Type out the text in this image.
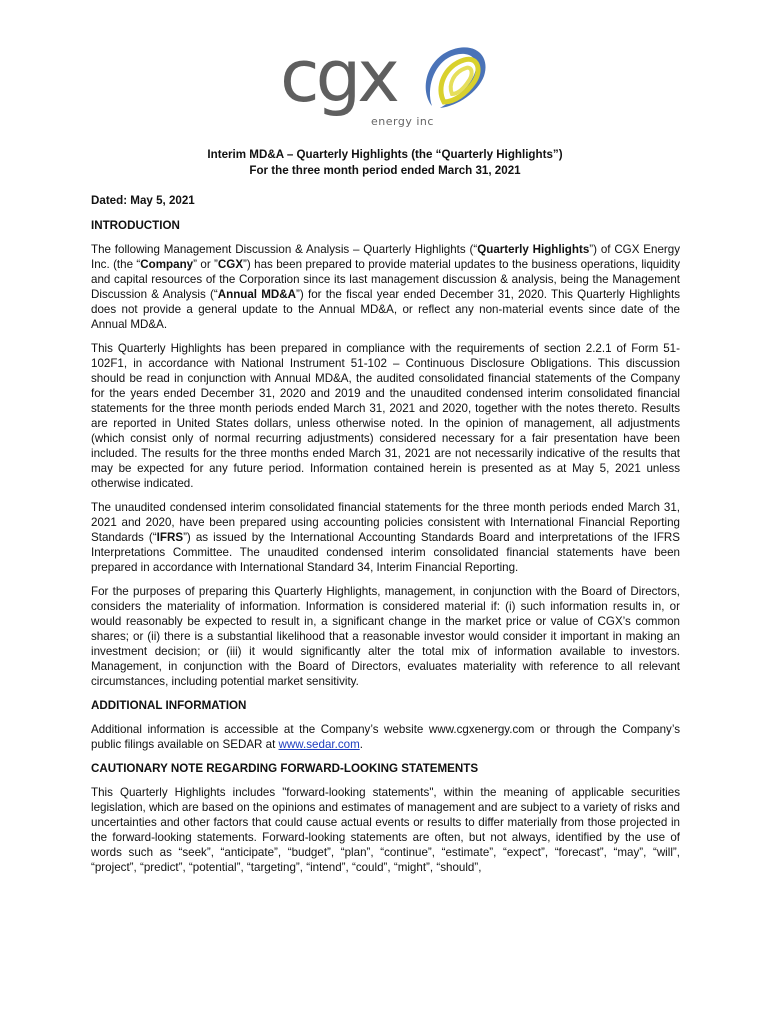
cgx
energy inc
Interim MD&A – Quarterly Highlights (the “Quarterly Highlights”)
For the three month period ended March 31, 2021
Dated: May 5, 2021
INTRODUCTION

The following Management Discussion & Analysis – Quarterly Highlights (“Quarterly Highlights”) of CGX Energy Inc. (the “Company” or ”CGX”) has been prepared to provide material updates to the business operations, liquidity and capital resources of the Corporation since its last management discussion & analysis, being the Management Discussion & Analysis (“Annual MD&A”) for the fiscal year ended December 31, 2020. This Quarterly Highlights does not provide a general update to the Annual MD&A, or reflect any non-material events since date of the Annual MD&A.

This Quarterly Highlights has been prepared in compliance with the requirements of section 2.2.1 of Form 51-102F1, in accordance with National Instrument 51-102 – Continuous Disclosure Obligations. This discussion should be read in conjunction with Annual MD&A, the audited consolidated financial statements of the Company for the years ended December 31, 2020 and 2019 and the unaudited condensed interim consolidated financial statements for the three month periods ended March 31, 2021 and 2020, together with the notes thereto. Results are reported in United States dollars, unless otherwise noted. In the opinion of management, all adjustments (which consist only of normal recurring adjustments) considered necessary for a fair presentation have been included. The results for the three months ended March 31, 2021 are not necessarily indicative of the results that may be expected for any future period. Information contained herein is presented as at May 5, 2021 unless otherwise indicated.

The unaudited condensed interim consolidated financial statements for the three month periods ended March 31, 2021 and 2020, have been prepared using accounting policies consistent with International Financial Reporting Standards (“IFRS”) as issued by the International Accounting Standards Board and interpretations of the IFRS Interpretations Committee. The unaudited condensed interim consolidated financial statements have been prepared in accordance with International Standard 34, Interim Financial Reporting.

For the purposes of preparing this Quarterly Highlights, management, in conjunction with the Board of Directors, considers the materiality of information. Information is considered material if: (i) such information results in, or would reasonably be expected to result in, a significant change in the market price or value of CGX’s common shares; or (ii) there is a substantial likelihood that a reasonable investor would consider it important in making an investment decision; or (iii) it would significantly alter the total mix of information available to investors. Management, in conjunction with the Board of Directors, evaluates materiality with reference to all relevant circumstances, including potential market sensitivity.

ADDITIONAL INFORMATION

Additional information is accessible at the Company’s website www.cgxenergy.com or through the Company’s public filings available on SEDAR at www.sedar.com.

CAUTIONARY NOTE REGARDING FORWARD-LOOKING STATEMENTS

This Quarterly Highlights includes "forward-looking statements", within the meaning of applicable securities legislation, which are based on the opinions and estimates of management and are subject to a variety of risks and uncertainties and other factors that could cause actual events or results to differ materially from those projected in the forward-looking statements. Forward-looking statements are often, but not always, identified by the use of words such as “seek”, “anticipate”, “budget”, “plan”, “continue”, “estimate”, “expect”, “forecast”, “may”, “will”, “project”, “predict”, “potential”, “targeting”, “intend”, “could”, “might”, “should”,
